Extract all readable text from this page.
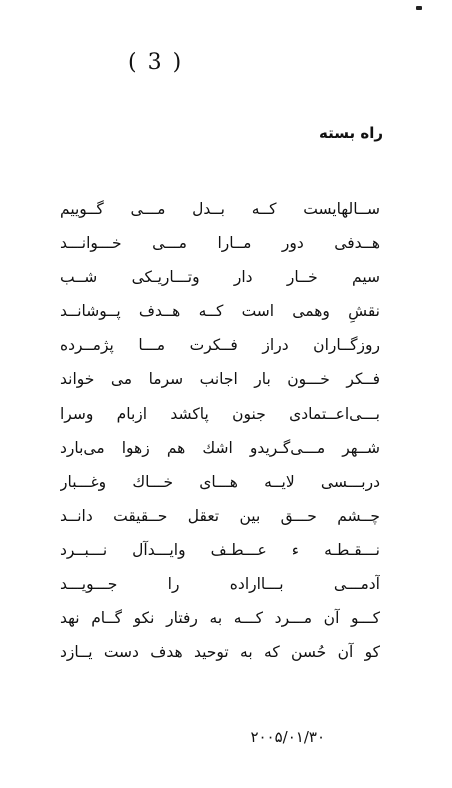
( 3 )
راه بسته
ســالهایست کــه بــدل مـــی گــوییم
هــدفی دور مــارا مـــی خـــوانـــد
سیم خــار دار وتـــاریـکی شــب
نقشِ وهمی است کــه هــدف پــوشانــد
روزگــاران دراز فــکرت مـــا پژمــرده
فــکر خـــون بار اجانب سرما می خواند
بـــی‌اعــتمادی جنون پاکشد ازبام وسرا
شــهر مـــی‌گـریدو اشك هم زهوا می‌بارد
دربـــسی لایــه هـــای خـــاك وغـــبار
چــشم حـــق بین تعقل حــقیقت دانــد
نـــقـطـه ء عـــطـف وایـــدآل نـــبــرد
آدمـــی بـــااراده را جـــویـــد
کـــو آن مـــرد کـــه به رفتار نکو گــام نهد
کو آن حُسن که به توحید هدف دست یــازد
۲۰۰۵/۰۱/۳۰
